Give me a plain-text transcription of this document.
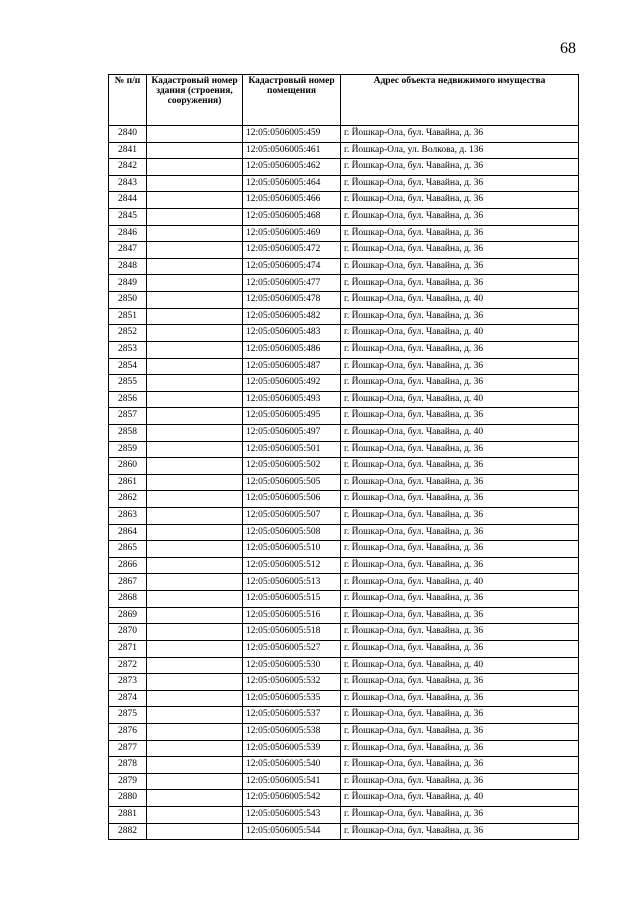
68
№ п/п	Кадастровый номер здания (строения, сооружения)	Кадастровый номер помещения	Адрес объекта недвижимого имущества
2840		12:05:0506005:459	г. Йошкар-Ола, бул. Чавайна, д. 36
2841		12:05:0506005:461	г. Йошкар-Ола, ул. Волкова, д. 136
2842		12:05:0506005:462	г. Йошкар-Ола, бул. Чавайна, д. 36
2843		12:05:0506005:464	г. Йошкар-Ола, бул. Чавайна, д. 36
2844		12:05:0506005:466	г. Йошкар-Ола, бул. Чавайна, д. 36
2845		12:05:0506005:468	г. Йошкар-Ола, бул. Чавайна, д. 36
2846		12:05:0506005:469	г. Йошкар-Ола, бул. Чавайна, д. 36
2847		12:05:0506005:472	г. Йошкар-Ола, бул. Чавайна, д. 36
2848		12:05:0506005:474	г. Йошкар-Ола, бул. Чавайна, д. 36
2849		12:05:0506005:477	г. Йошкар-Ола, бул. Чавайна, д. 36
2850		12:05:0506005:478	г. Йошкар-Ола, бул. Чавайна, д. 40
2851		12:05:0506005:482	г. Йошкар-Ола, бул. Чавайна, д. 36
2852		12:05:0506005:483	г. Йошкар-Ола, бул. Чавайна, д. 40
2853		12:05:0506005:486	г. Йошкар-Ола, бул. Чавайна, д. 36
2854		12:05:0506005:487	г. Йошкар-Ола, бул. Чавайна, д. 36
2855		12:05:0506005:492	г. Йошкар-Ола, бул. Чавайна, д. 36
2856		12:05:0506005:493	г. Йошкар-Ола, бул. Чавайна, д. 40
2857		12:05:0506005:495	г. Йошкар-Ола, бул. Чавайна, д. 36
2858		12:05:0506005:497	г. Йошкар-Ола, бул. Чавайна, д. 40
2859		12:05:0506005:501	г. Йошкар-Ола, бул. Чавайна, д. 36
2860		12:05:0506005:502	г. Йошкар-Ола, бул. Чавайна, д. 36
2861		12:05:0506005:505	г. Йошкар-Ола, бул. Чавайна, д. 36
2862		12:05:0506005:506	г. Йошкар-Ола, бул. Чавайна, д. 36
2863		12:05:0506005:507	г. Йошкар-Ола, бул. Чавайна, д. 36
2864		12:05:0506005:508	г. Йошкар-Ола, бул. Чавайна, д. 36
2865		12:05:0506005:510	г. Йошкар-Ола, бул. Чавайна, д. 36
2866		12:05:0506005:512	г. Йошкар-Ола, бул. Чавайна, д. 36
2867		12:05:0506005:513	г. Йошкар-Ола, бул. Чавайна, д. 40
2868		12:05:0506005:515	г. Йошкар-Ола, бул. Чавайна, д. 36
2869		12:05:0506005:516	г. Йошкар-Ола, бул. Чавайна, д. 36
2870		12:05:0506005:518	г. Йошкар-Ола, бул. Чавайна, д. 36
2871		12:05:0506005:527	г. Йошкар-Ола, бул. Чавайна, д. 36
2872		12:05:0506005:530	г. Йошкар-Ола, бул. Чавайна, д. 40
2873		12:05:0506005:532	г. Йошкар-Ола, бул. Чавайна, д. 36
2874		12:05:0506005:535	г. Йошкар-Ола, бул. Чавайна, д. 36
2875		12:05:0506005:537	г. Йошкар-Ола, бул. Чавайна, д. 36
2876		12:05:0506005:538	г. Йошкар-Ола, бул. Чавайна, д. 36
2877		12:05:0506005:539	г. Йошкар-Ола, бул. Чавайна, д. 36
2878		12:05:0506005:540	г. Йошкар-Ола, бул. Чавайна, д. 36
2879		12:05:0506005:541	г. Йошкар-Ола, бул. Чавайна, д. 36
2880		12:05:0506005:542	г. Йошкар-Ола, бул. Чавайна, д. 40
2881		12:05:0506005:543	г. Йошкар-Ола, бул. Чавайна, д. 36
2882		12:05:0506005:544	г. Йошкар-Ола, бул. Чавайна, д. 36
